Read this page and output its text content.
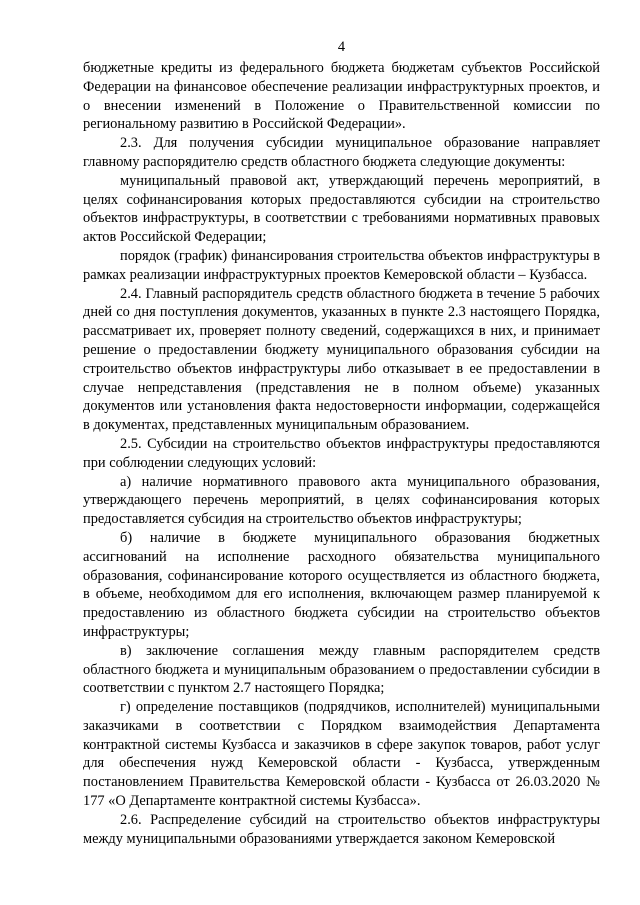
4

бюджетные кредиты из федерального бюджета бюджетам субъектов Российской Федерации на финансовое обеспечение реализации инфраструктурных проектов, и о внесении изменений в Положение о Правительственной комиссии по региональному развитию в Российской Федерации».

2.3. Для получения субсидии муниципальное образование направляет главному распорядителю средств областного бюджета следующие документы:

муниципальный правовой акт, утверждающий перечень мероприятий, в целях софинансирования которых предоставляются субсидии на строительство объектов инфраструктуры, в соответствии с требованиями нормативных правовых актов Российской Федерации;

порядок (график) финансирования строительства объектов инфраструктуры в рамках реализации инфраструктурных проектов Кемеровской области – Кузбасса.

2.4. Главный распорядитель средств областного бюджета в течение 5 рабочих дней со дня поступления документов, указанных в пункте 2.3 настоящего Порядка, рассматривает их, проверяет полноту сведений, содержащихся в них, и принимает решение о предоставлении бюджету муниципального образования субсидии на строительство объектов инфраструктуры либо отказывает в ее предоставлении в случае непредставления (представления не в полном объеме) указанных документов или установления факта недостоверности информации, содержащейся в документах, представленных муниципальным образованием.

2.5. Субсидии на строительство объектов инфраструктуры предоставляются при соблюдении следующих условий:

а) наличие нормативного правового акта муниципального образования, утверждающего перечень мероприятий, в целях софинансирования которых предоставляется субсидия на строительство объектов инфраструктуры;

б) наличие в бюджете муниципального образования бюджетных ассигнований на исполнение расходного обязательства муниципального образования, софинансирование которого осуществляется из областного бюджета, в объеме, необходимом для его исполнения, включающем размер планируемой к предоставлению из областного бюджета субсидии на строительство объектов инфраструктуры;

в) заключение соглашения между главным распорядителем средств областного бюджета и муниципальным образованием о предоставлении субсидии в соответствии с пунктом 2.7 настоящего Порядка;

г) определение поставщиков (подрядчиков, исполнителей) муниципальными заказчиками в соответствии с Порядком взаимодействия Департамента контрактной системы Кузбасса и заказчиков в сфере закупок товаров, работ услуг для обеспечения нужд Кемеровской области - Кузбасса, утвержденным постановлением Правительства Кемеровской области - Кузбасса от 26.03.2020 № 177 «О Департаменте контрактной системы Кузбасса».

2.6. Распределение субсидий на строительство объектов инфраструктуры между муниципальными образованиями утверждается законом Кемеровской
